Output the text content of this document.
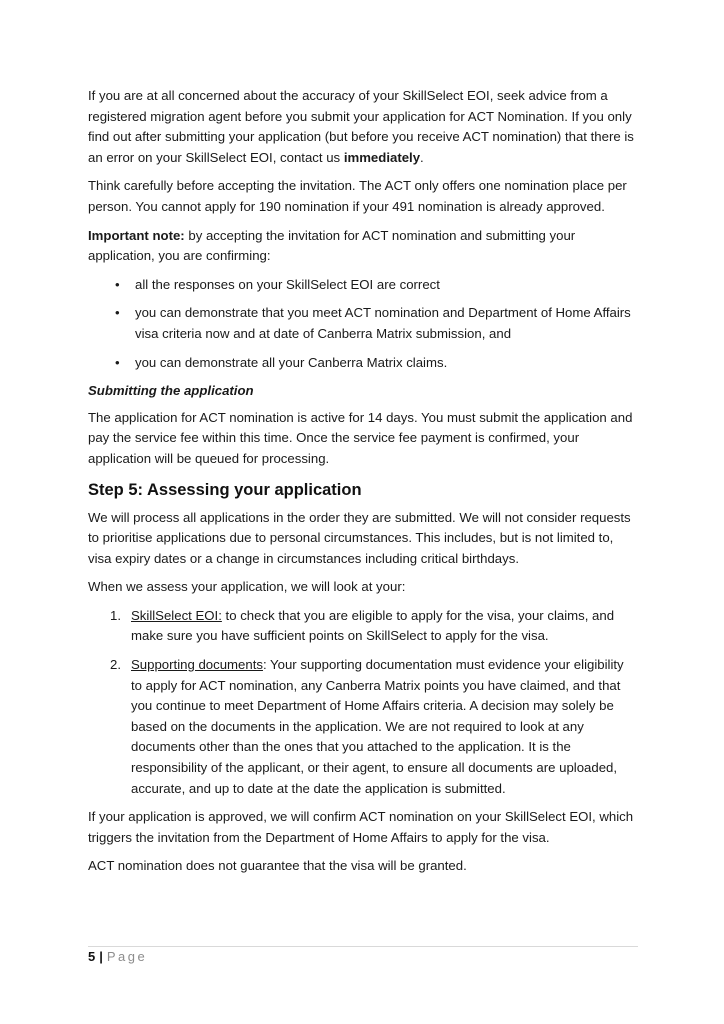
If you are at all concerned about the accuracy of your SkillSelect EOI, seek advice from a registered migration agent before you submit your application for ACT Nomination. If you only find out after submitting your application (but before you receive ACT nomination) that there is an error on your SkillSelect EOI, contact us immediately.

Think carefully before accepting the invitation. The ACT only offers one nomination place per person. You cannot apply for 190 nomination if your 491 nomination is already approved.

Important note: by accepting the invitation for ACT nomination and submitting your application, you are confirming:

• all the responses on your SkillSelect EOI are correct
• you can demonstrate that you meet ACT nomination and Department of Home Affairs visa criteria now and at date of Canberra Matrix submission, and
• you can demonstrate all your Canberra Matrix claims.

Submitting the application

The application for ACT nomination is active for 14 days. You must submit the application and pay the service fee within this time. Once the service fee payment is confirmed, your application will be queued for processing.

Step 5: Assessing your application

We will process all applications in the order they are submitted. We will not consider requests to prioritise applications due to personal circumstances. This includes, but is not limited to, visa expiry dates or a change in circumstances including critical birthdays.

When we assess your application, we will look at your:

1. SkillSelect EOI: to check that you are eligible to apply for the visa, your claims, and make sure you have sufficient points on SkillSelect to apply for the visa.
2. Supporting documents: Your supporting documentation must evidence your eligibility to apply for ACT nomination, any Canberra Matrix points you have claimed, and that you continue to meet Department of Home Affairs criteria. A decision may solely be based on the documents in the application. We are not required to look at any documents other than the ones that you attached to the application. It is the responsibility of the applicant, or their agent, to ensure all documents are uploaded, accurate, and up to date at the date the application is submitted.

If your application is approved, we will confirm ACT nomination on your SkillSelect EOI, which triggers the invitation from the Department of Home Affairs to apply for the visa.

ACT nomination does not guarantee that the visa will be granted.

5 | Page
